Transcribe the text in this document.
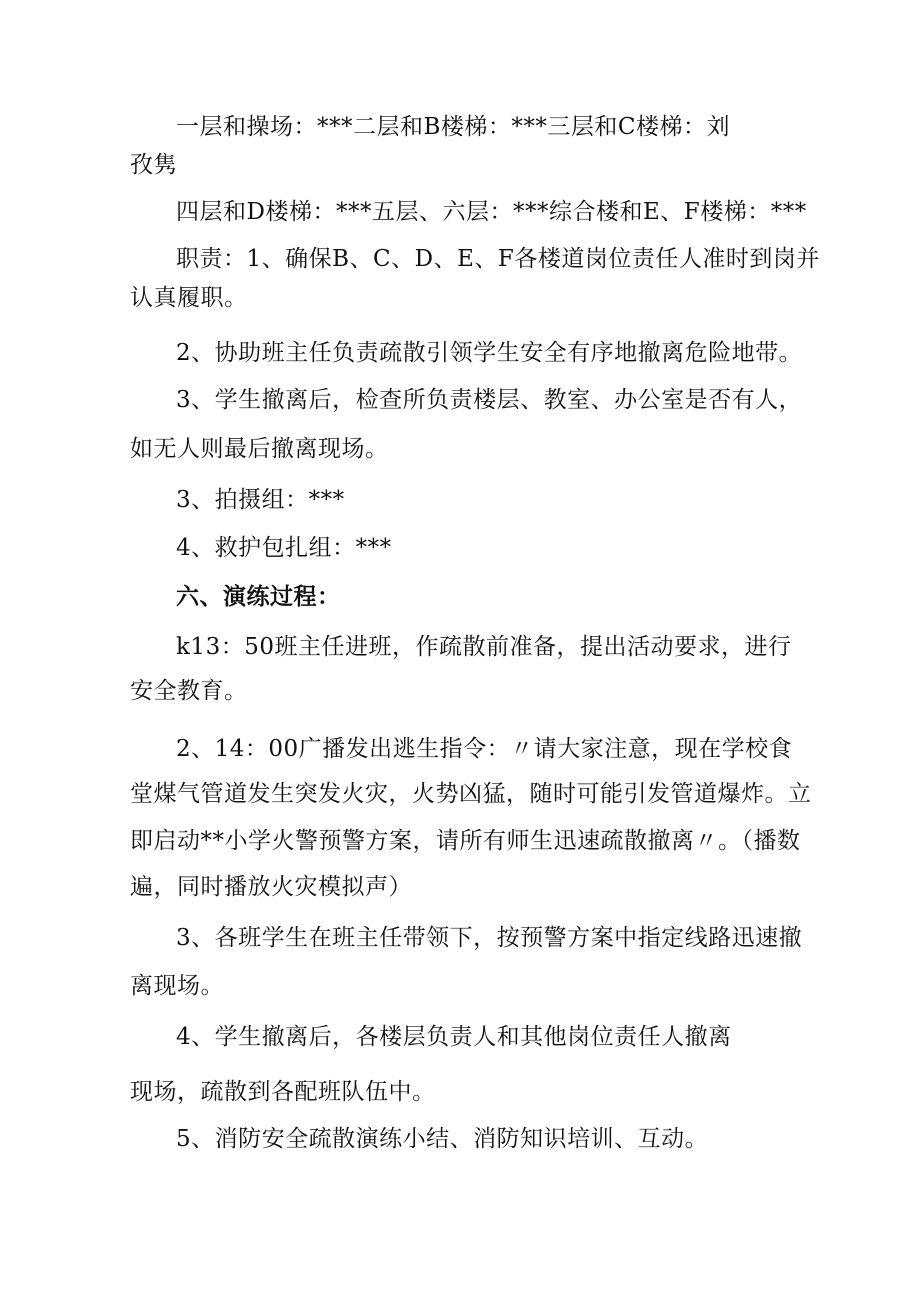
一层和操场：***二层和B楼梯：***三层和C楼梯：刘
孜隽
四层和D楼梯：***五层、六层：***综合楼和E、F楼梯：***
职责：1、确保B、C、D、E、F各楼道岗位责任人准时到岗并
认真履职。
2、协助班主任负责疏散引领学生安全有序地撤离危险地带。
3、学生撤离后，检查所负责楼层、教室、办公室是否有人，
如无人则最后撤离现场。
3、拍摄组：***
4、救护包扎组：***
六、演练过程：
k13：50班主任进班，作疏散前准备，提出活动要求，进行
安全教育。
2、14：00广播发出逃生指令：〃请大家注意，现在学校食
堂煤气管道发生突发火灾，火势凶猛，随时可能引发管道爆炸。立
即启动**小学火警预警方案，请所有师生迅速疏散撤离〃。（播数
遍，同时播放火灾模拟声）
3、各班学生在班主任带领下，按预警方案中指定线路迅速撤
离现场。
4、学生撤离后，各楼层负责人和其他岗位责任人撤离
现场，疏散到各配班队伍中。
5、消防安全疏散演练小结、消防知识培训、互动。
